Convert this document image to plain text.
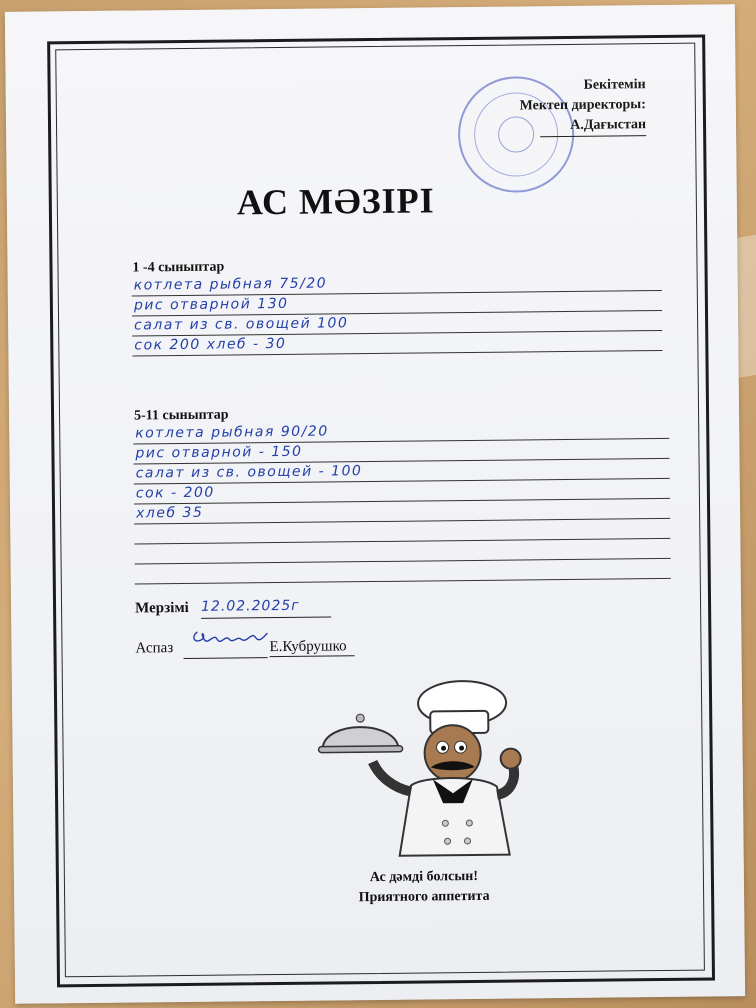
Бекітемін
Мектеп директоры:
А.Дағыстан
АС МӘЗІРІ
1 -4 сыныптар
котлета рыбная 75/20
рис отварной 130
салат из св. овощей 100
сок 200 хлеб - 30
5-11 сыныптар
котлета рыбная 90/20
рис отварной - 150
салат из св. овощей - 100
сок - 200
хлеб 35
Мерзімі 12.02.2025г
Аспаз	Е.Кубрушко
Ас дәмді болсын!
Приятного аппетита
